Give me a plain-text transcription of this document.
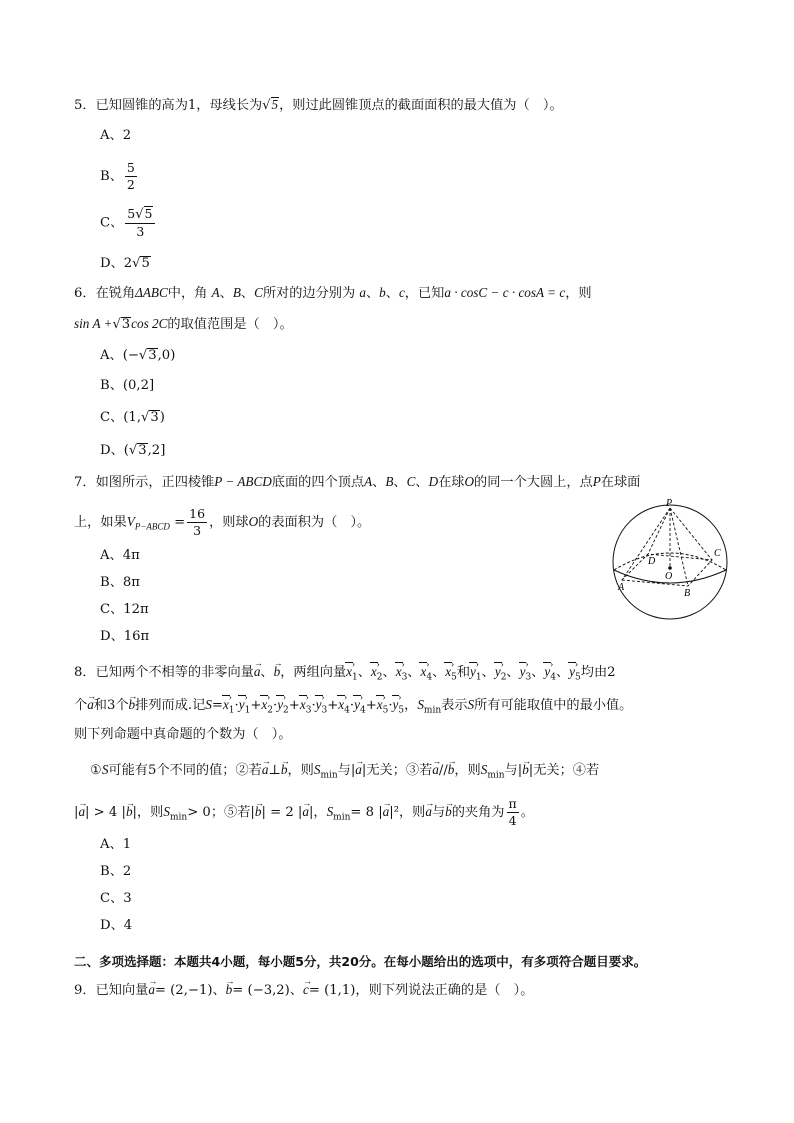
5．已知圆锥的高为1，母线长为√5，则过此圆锥顶点的截面面积的最大值为（　）。
A、2
B、 $\frac{5}{2}$
C、 $\frac{5√5}{3}$
D、2√5
6．在锐角ΔABC中，角 A、B、C所对的边分别为 a、b、c，已知a · cosC − c · cosA = c，则
sin A +√3cos 2C的取值范围是（　）。
A、(−√3,0)
B、(0,2]
C、(1,√3)
D、(√3,2]
7．如图所示，正四棱锥P − ABCD底面的四个顶点A、B、C、D在球O的同一个大圆上，点P在球面
上，如果$V_{P-ABCD} = \frac{16}{3}$ ，则球O的表面积为（　）。
A、4π
B、8π
C、12π
D、16π
P
C
D
O
A
B
8．已知两个不相等的非零向量→ a、→ b，两组向量x $›_1$、x $›_2$、x $›_3$、x $›_4$、x $›_5$和y $›_1$、y $›_2$、y $›_3$、y $›_4$、y $›_5$均由2
个→ a和3个→ b排列而成.记S=x $›_1\cdot y$ $›_1+x$ $›_2\cdot y$ $›_2+x$ $›_3\cdot y$ $›_3+x$ $›_4\cdot y$ $›_4+x$ $›_5\cdot y$ $›_5$，$S_{min}$表示S所有可能取值中的最小值。
则下列命题中真命题的个数为（　）。
①S可能有5个不同的值；②若→ a⊥→ b，则$S_{min}$与|→ a|无关；③若→ a//→ b，则$S_{min}$与|→ b|无关；④若
|→ a| > 4 |→ b|，则$S_{min}> 0$；⑤若|→ b| = 2 |→ a|，$S_{min}= 8$ |→ a|²，则→ a与→ b的夹角为 $\frac{\pi}{4}$ 。
A、1
B、2
C、3
D、4
二、多项选择题：本题共4小题，每小题5分，共20分。在每小题给出的选项中，有多项符合题目要求。
9．已知向量→ a= (2,−1)、→ b= (−3,2)、→ c= (1,1)，则下列说法正确的是（　）。
